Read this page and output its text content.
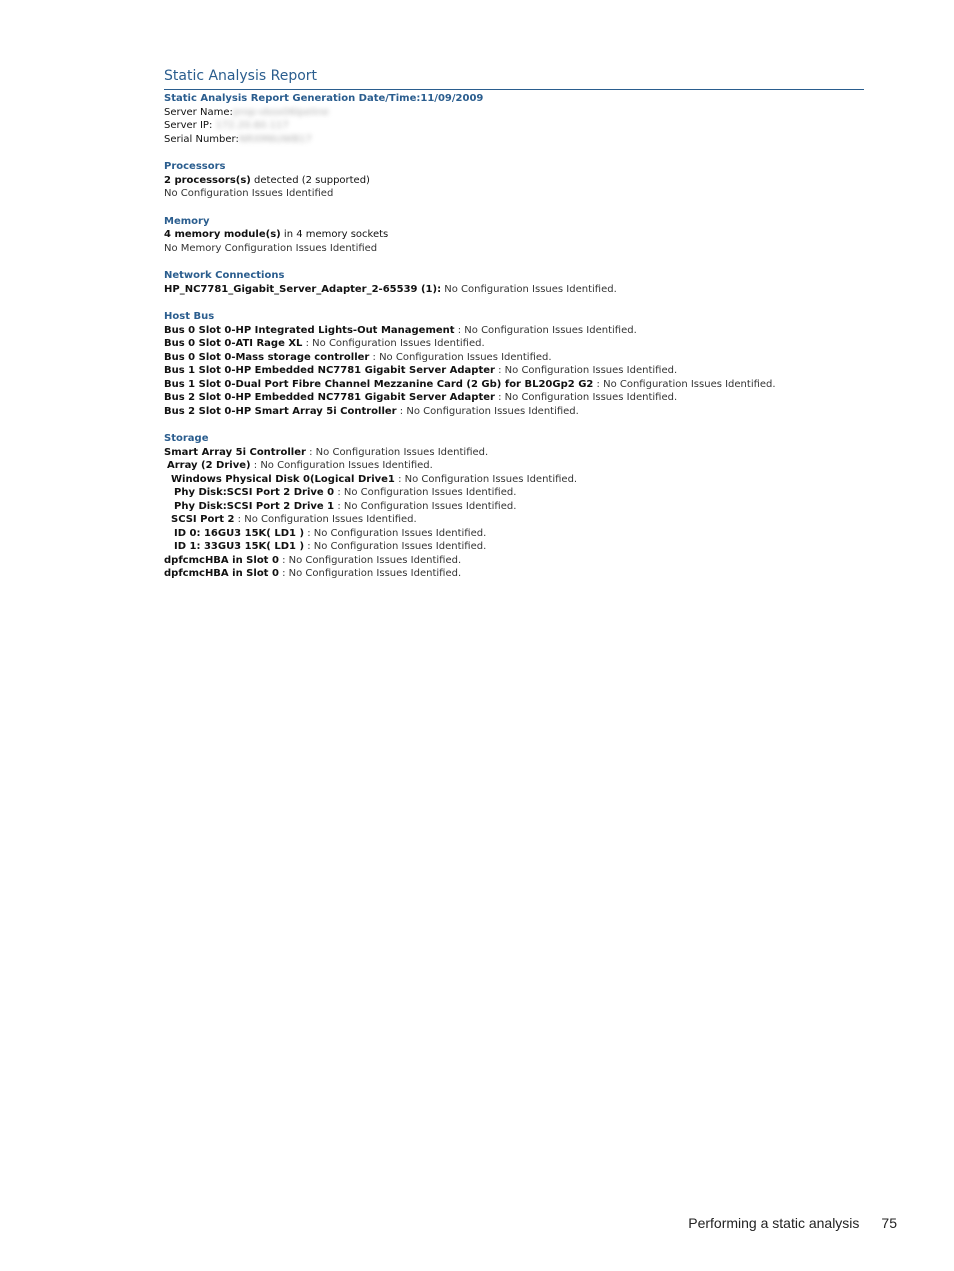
Static Analysis Report
Static Analysis Report Generation Date/Time:11/09/2009
Server Name:prop-vbox06lpeline
Server IP: 172.20.60.117
Serial Number:NRXM6UWB17
Processors
2 processors(s) detected (2 supported)
No Configuration Issues Identified
Memory
4 memory module(s) in 4 memory sockets
No Memory Configuration Issues Identified
Network Connections
HP_NC7781_Gigabit_Server_Adapter_2-65539 (1): No Configuration Issues Identified.
Host Bus
Bus 0 Slot 0-HP Integrated Lights-Out Management : No Configuration Issues Identified.
Bus 0 Slot 0-ATI Rage XL : No Configuration Issues Identified.
Bus 0 Slot 0-Mass storage controller : No Configuration Issues Identified.
Bus 1 Slot 0-HP Embedded NC7781 Gigabit Server Adapter : No Configuration Issues Identified.
Bus 1 Slot 0-Dual Port Fibre Channel Mezzanine Card (2 Gb) for BL20Gp2 G2 : No Configuration Issues Identified.
Bus 2 Slot 0-HP Embedded NC7781 Gigabit Server Adapter : No Configuration Issues Identified.
Bus 2 Slot 0-HP Smart Array 5i Controller : No Configuration Issues Identified.
Storage
Smart Array 5i Controller : No Configuration Issues Identified.
Array (2 Drive) : No Configuration Issues Identified.
Windows Physical Disk 0(Logical Drive1 : No Configuration Issues Identified.
Phy Disk:SCSI Port 2 Drive 0 : No Configuration Issues Identified.
Phy Disk:SCSI Port 2 Drive 1 : No Configuration Issues Identified.
SCSI Port 2 : No Configuration Issues Identified.
ID 0: 16GU3 15K( LD1 ) : No Configuration Issues Identified.
ID 1: 33GU3 15K( LD1 ) : No Configuration Issues Identified.
dpfcmcHBA in Slot 0 : No Configuration Issues Identified.
dpfcmcHBA in Slot 0 : No Configuration Issues Identified.
Performing a static analysis 75
